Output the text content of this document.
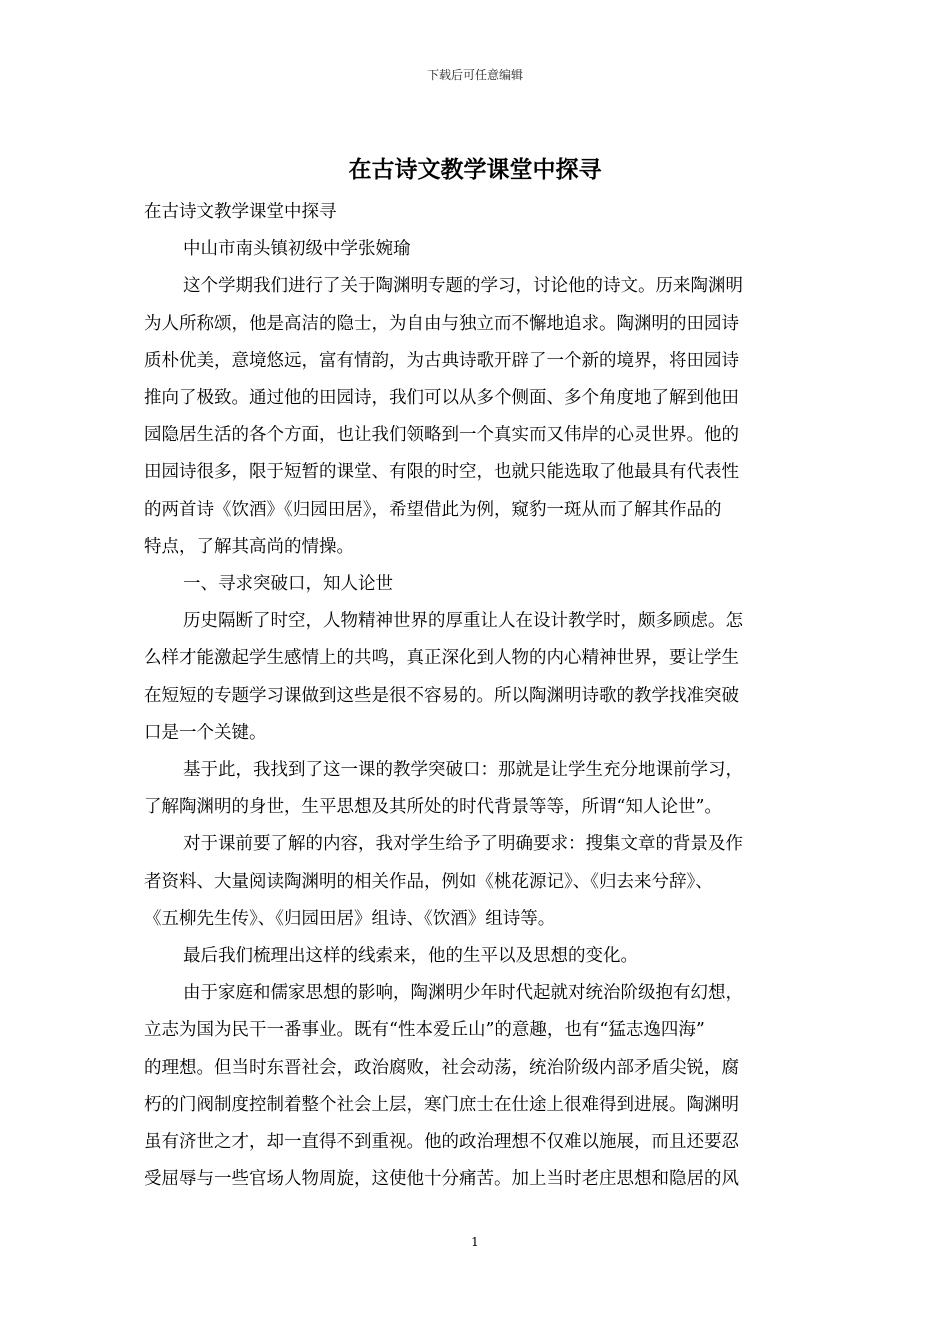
下载后可任意编辑
在古诗文教学课堂中探寻

在古诗文教学课堂中探寻

中山市南头镇初级中学张婉瑜

这个学期我们进行了关于陶渊明专题的学习，讨论他的诗文。历来陶渊明

为人所称颂，他是高洁的隐士，为自由与独立而不懈地追求。陶渊明的田园诗

质朴优美，意境悠远，富有情韵，为古典诗歌开辟了一个新的境界，将田园诗

推向了极致。通过他的田园诗，我们可以从多个侧面、多个角度地了解到他田

园隐居生活的各个方面，也让我们领略到一个真实而又伟岸的心灵世界。他的

田园诗很多，限于短暂的课堂、有限的时空，也就只能选取了他最具有代表性

的两首诗《饮酒》《归园田居》，希望借此为例，窥豹一斑从而了解其作品的

特点，了解其高尚的情操。

一、寻求突破口，知人论世

历史隔断了时空，人物精神世界的厚重让人在设计教学时，颇多顾虑。怎

么样才能激起学生感情上的共鸣，真正深化到人物的内心精神世界，要让学生

在短短的专题学习课做到这些是很不容易的。所以陶渊明诗歌的教学找准突破

口是一个关键。

基于此，我找到了这一课的教学突破口：那就是让学生充分地课前学习，

了解陶渊明的身世，生平思想及其所处的时代背景等等，所谓“知人论世”。

对于课前要了解的内容，我对学生给予了明确要求：搜集文章的背景及作

者资料、大量阅读陶渊明的相关作品，例如《桃花源记》、《归去来兮辞》、

《五柳先生传》、《归园田居》组诗、《饮酒》组诗等。

最后我们梳理出这样的线索来，他的生平以及思想的变化。

由于家庭和儒家思想的影响，陶渊明少年时代起就对统治阶级抱有幻想，

立志为国为民干一番事业。既有“性本爱丘山”的意趣，也有“猛志逸四海”

的理想。但当时东晋社会，政治腐败，社会动荡，统治阶级内部矛盾尖锐，腐

朽的门阀制度控制着整个社会上层，寒门庶士在仕途上很难得到进展。陶渊明

虽有济世之才，却一直得不到重视。他的政治理想不仅难以施展，而且还要忍

受屈辱与一些官场人物周旋，这使他十分痛苦。加上当时老庄思想和隐居的风

1
